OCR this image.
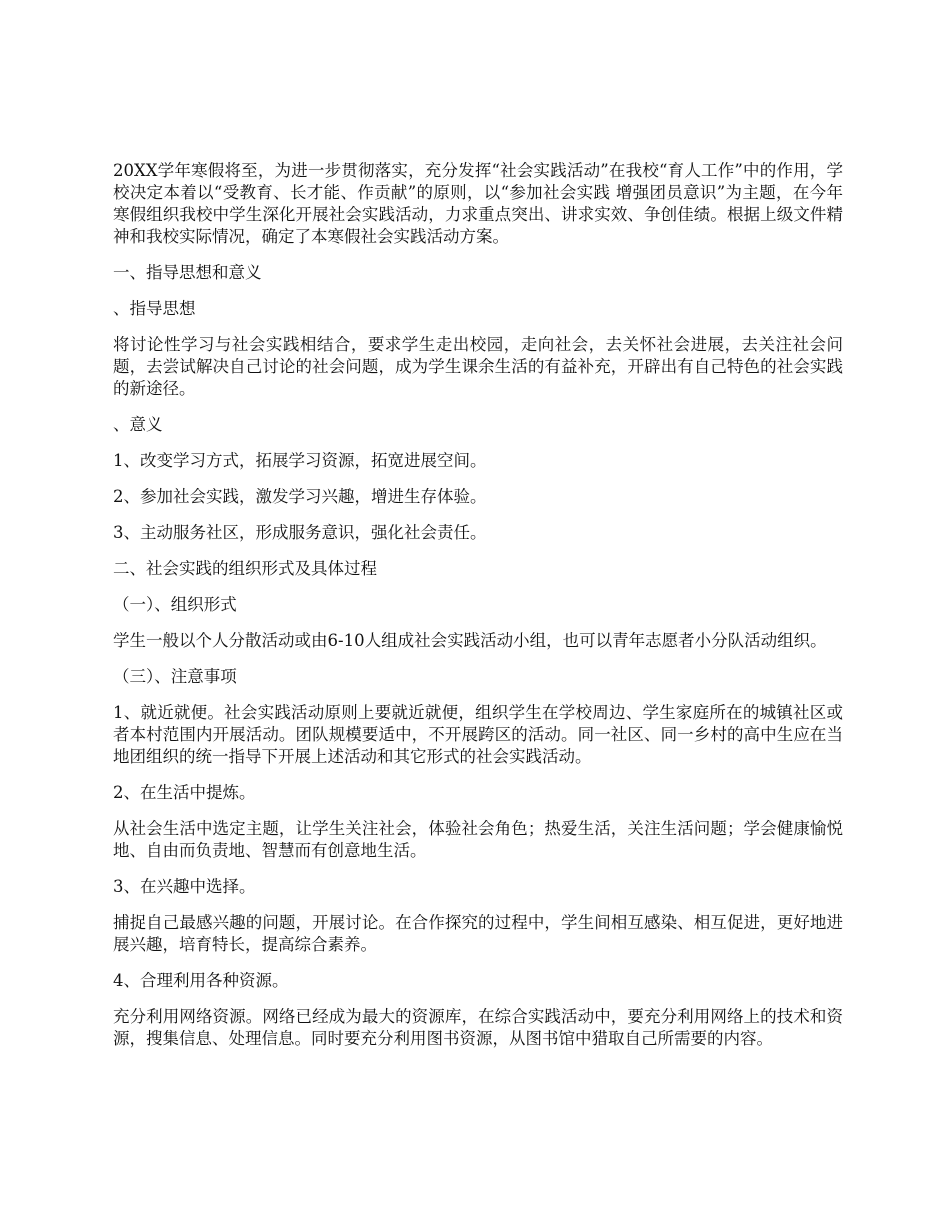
20XX学年寒假将至，为进一步贯彻落实，充分发挥“社会实践活动”在我校“育人工作”中的作用，学校决定本着以“受教育、长才能、作贡献”的原则，以“参加社会实践 增强团员意识”为主题，在今年寒假组织我校中学生深化开展社会实践活动，力求重点突出、讲求实效、争创佳绩。根据上级文件精神和我校实际情况，确定了本寒假社会实践活动方案。

一、指导思想和意义

、指导思想

将讨论性学习与社会实践相结合，要求学生走出校园，走向社会，去关怀社会进展，去关注社会问题，去尝试解决自己讨论的社会问题，成为学生课余生活的有益补充，开辟出有自己特色的社会实践的新途径。

、意义

1、改变学习方式，拓展学习资源，拓宽进展空间。

2、参加社会实践，激发学习兴趣，增进生存体验。

3、主动服务社区，形成服务意识，强化社会责任。

二、社会实践的组织形式及具体过程

（一）、组织形式

学生一般以个人分散活动或由6-10人组成社会实践活动小组，也可以青年志愿者小分队活动组织。

（三）、注意事项

1、就近就便。社会实践活动原则上要就近就便，组织学生在学校周边、学生家庭所在的城镇社区或者本村范围内开展活动。团队规模要适中，不开展跨区的活动。同一社区、同一乡村的高中生应在当地团组织的统一指导下开展上述活动和其它形式的社会实践活动。

2、在生活中提炼。

从社会生活中选定主题，让学生关注社会，体验社会角色；热爱生活，关注生活问题；学会健康愉悦地、自由而负责地、智慧而有创意地生活。

3、在兴趣中选择。

捕捉自己最感兴趣的问题，开展讨论。在合作探究的过程中，学生间相互感染、相互促进，更好地进展兴趣，培育特长，提高综合素养。

4、合理利用各种资源。

充分利用网络资源。网络已经成为最大的资源库，在综合实践活动中，要充分利用网络上的技术和资源，搜集信息、处理信息。同时要充分利用图书资源，从图书馆中猎取自己所需要的内容。
